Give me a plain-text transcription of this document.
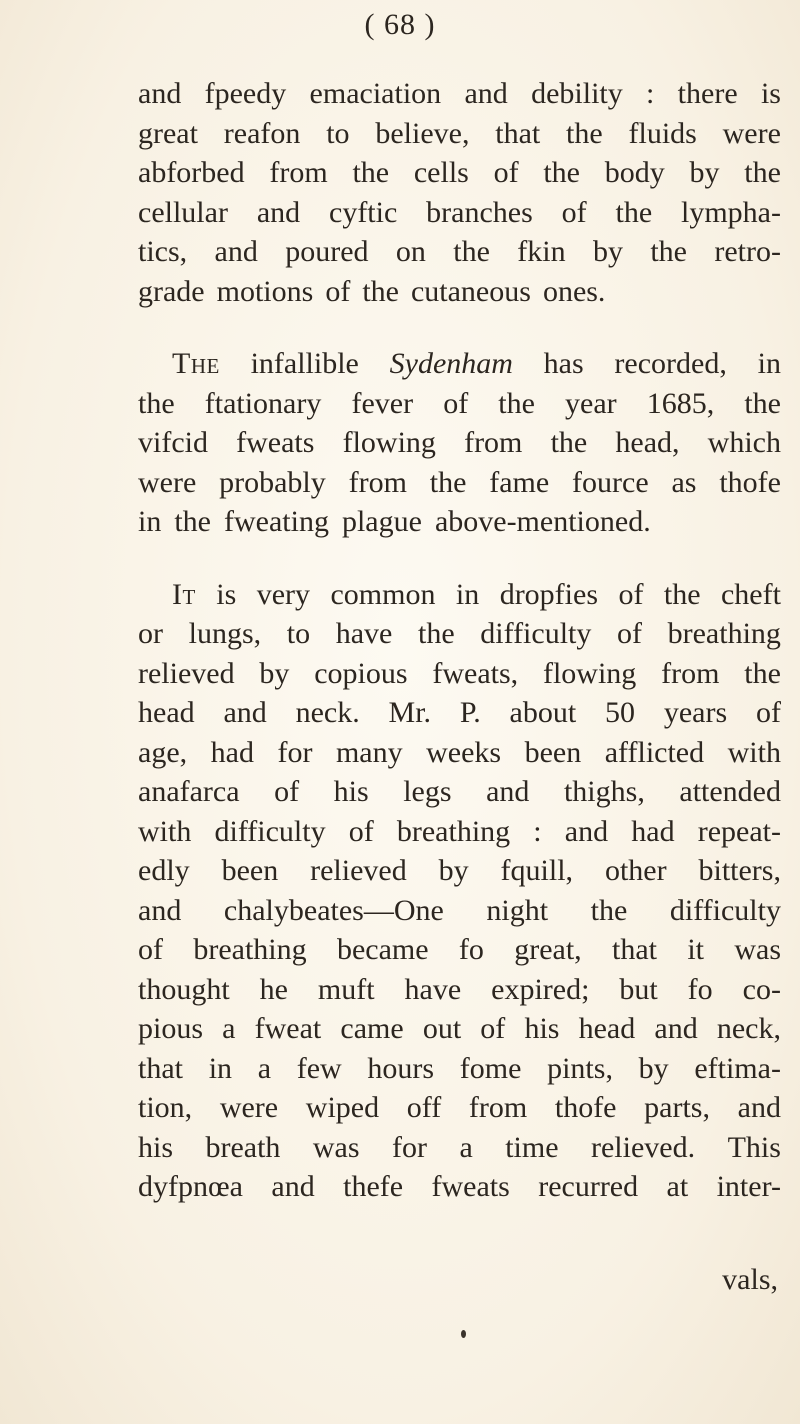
( 68 )
and fpeedy emaciation and debility : there is
great reafon to believe, that the fluids were
abforbed from the cells of the body by the
cellular and cyftic branches of the lympha-
tics, and poured on the fkin by the retro-
grade motions of the cutaneous ones.
The infallible Sydenham has recorded, in
the ftationary fever of the year 1685, the
vifcid fweats flowing from the head, which
were probably from the fame fource as thofe
in the fweating plague above-mentioned.
It is very common in dropfies of the cheft
or lungs, to have the difficulty of breathing
relieved by copious fweats, flowing from the
head and neck. Mr. P. about 50 years of
age, had for many weeks been afflicted with
anafarca of his legs and thighs, attended
with difficulty of breathing : and had repeat-
edly been relieved by fquill, other bitters,
and chalybeates—One night the difficulty
of breathing became fo great, that it was
thought he muft have expired; but fo co-
pious a fweat came out of his head and neck,
that in a few hours fome pints, by eftima-
tion, were wiped off from thofe parts, and
his breath was for a time relieved. This
dyfpnœa and thefe fweats recurred at inter-
vals,
